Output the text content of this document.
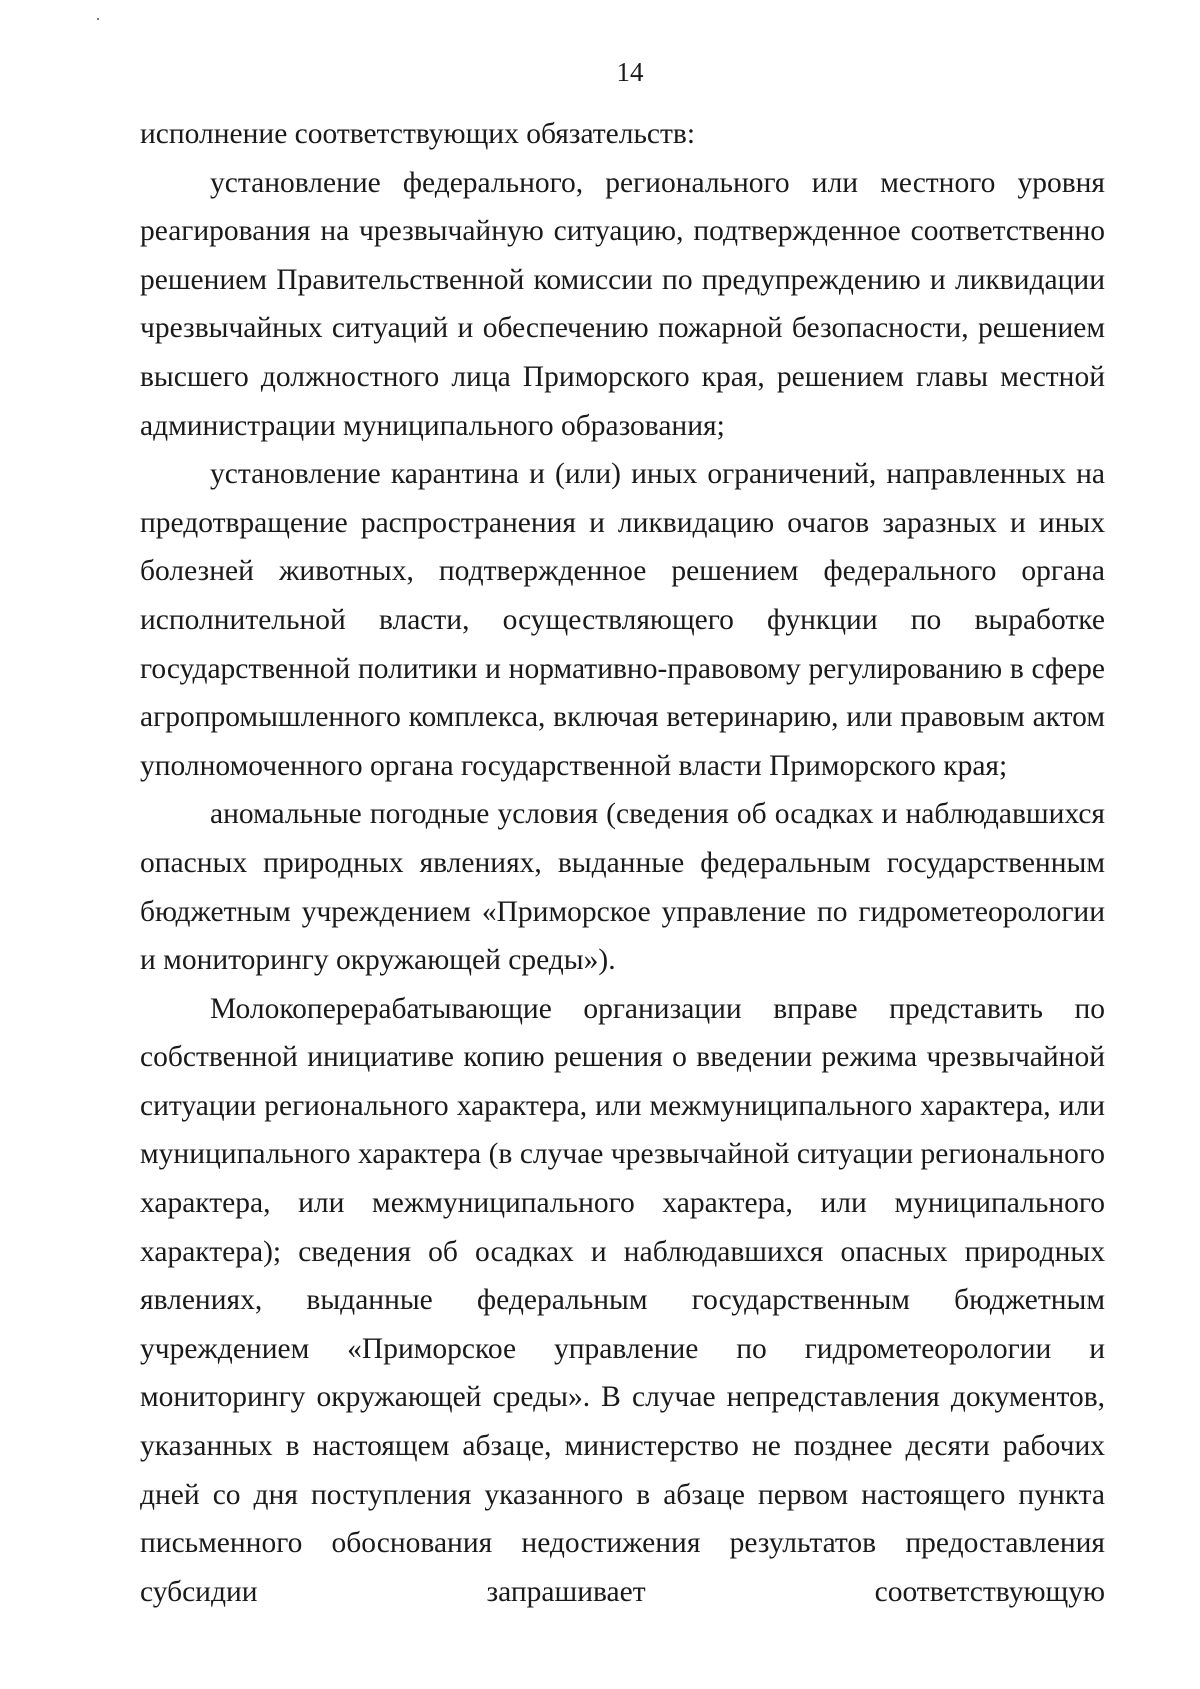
14

исполнение соответствующих обязательств:

установление федерального, регионального или местного уровня реагирования на чрезвычайную ситуацию, подтвержденное соответственно решением Правительственной комиссии по предупреждению и ликвидации чрезвычайных ситуаций и обеспечению пожарной безопасности, решением высшего должностного лица Приморского края, решением главы местной администрации муниципального образования;

установление карантина и (или) иных ограничений, направленных на предотвращение распространения и ликвидацию очагов заразных и иных болезней животных, подтвержденное решением федерального органа исполнительной власти, осуществляющего функции по выработке государственной политики и нормативно-правовому регулированию в сфере агропромышленного комплекса, включая ветеринарию, или правовым актом уполномоченного органа государственной власти Приморского края;

аномальные погодные условия (сведения об осадках и наблюдавшихся опасных природных явлениях, выданные федеральным государственным бюджетным учреждением «Приморское управление по гидрометеорологии и мониторингу окружающей среды»).

Молокоперерабатывающие организации вправе представить по собственной инициативе копию решения о введении режима чрезвычайной ситуации регионального характера, или межмуниципального характера, или муниципального характера (в случае чрезвычайной ситуации регионального характера, или межмуниципального характера, или муниципального характера); сведения об осадках и наблюдавшихся опасных природных явлениях, выданные федеральным государственным бюджетным учреждением «Приморское управление по гидрометеорологии и мониторингу окружающей среды». В случае непредставления документов, указанных в настоящем абзаце, министерство не позднее десяти рабочих дней со дня поступления указанного в абзаце первом настоящего пункта письменного обоснования недостижения результатов предоставления субсидии запрашивает соответствующую
